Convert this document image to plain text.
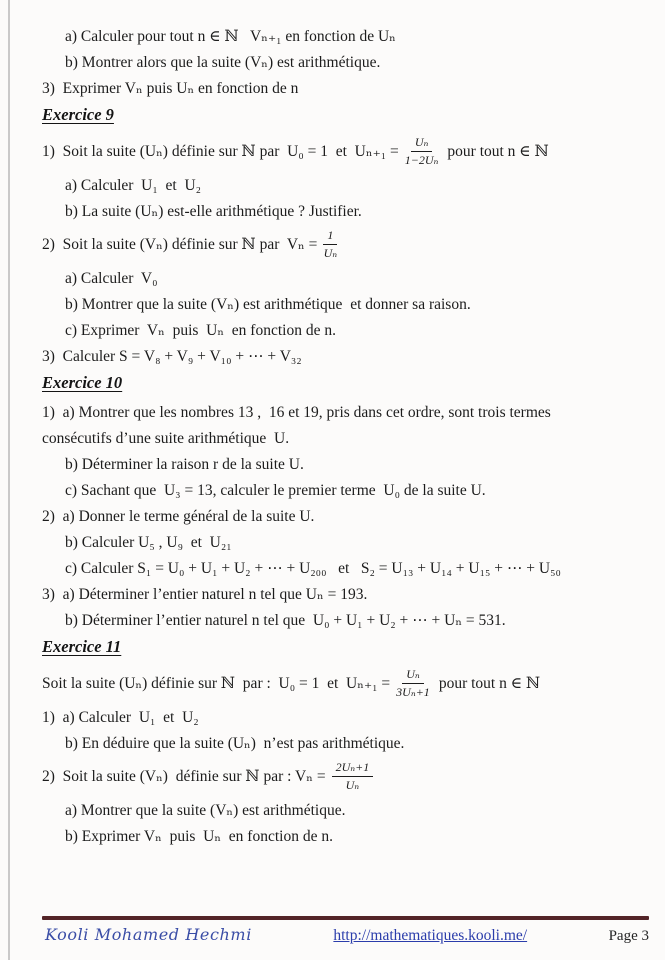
a) Calculer pour tout n ∈ ℕ   Vₙ₊₁ en fonction de Uₙ
b) Montrer alors que la suite (Vₙ) est arithmétique.
3)  Exprimer Vₙ puis Uₙ en fonction de n
Exercice 9
1)  Soit la suite (Uₙ) définie sur ℕ par  U₀ = 1  et  $U_{n+1} = \frac{\text{Uₙ}}{\text{1−2Uₙ}}$ pour tout n ∈ ℕ
a) Calculer  U₁  et  U₂
b) La suite (Uₙ) est-elle arithmétique ? Justifier.
2)  Soit la suite (Vₙ) définie sur ℕ par  $V_n = \frac{1}{\text{Uₙ}}$
a) Calculer  V₀
b) Montrer que la suite (Vₙ) est arithmétique  et donner sa raison.
c) Exprimer  Vₙ  puis  Uₙ  en fonction de n.
3)  Calculer S = V₈ + V₉ + V₁₀ + ⋯ + V₃₂
Exercice 10
1)  a) Montrer que les nombres 13 ,  16 et 19, pris dans cet ordre, sont trois termes
consécutifs d’une suite arithmétique  U.
b) Déterminer la raison r de la suite U.
c) Sachant que  U₃ = 13, calculer le premier terme  U₀ de la suite U.
2)  a) Donner le terme général de la suite U.
b) Calculer U₅ , U₉  et  U₂₁
c) Calculer S₁ = U₀ + U₁ + U₂ + ⋯ + U₂₀₀   et   S₂ = U₁₃ + U₁₄ + U₁₅ + ⋯ + U₅₀
3)  a) Déterminer l’entier naturel n tel que Uₙ = 193.
b) Déterminer l’entier naturel n tel que  U₀ + U₁ + U₂ + ⋯ + Uₙ = 531.
Exercice 11
Soit la suite (Uₙ) définie sur ℕ  par :  U₀ = 1  et  $U_{n+1} = \frac{\text{Uₙ}}{\text{3Uₙ+1}}$ pour tout n ∈ ℕ
1)  a) Calculer  U₁  et  U₂
b) En déduire que la suite (Uₙ)  n’est pas arithmétique.
2)  Soit la suite (Vₙ)  définie sur ℕ par : $V_n = \frac{\text{2Uₙ+1}}{\text{Uₙ}}$
a) Montrer que la suite (Vₙ) est arithmétique.
b) Exprimer Vₙ  puis  Uₙ  en fonction de n.
Kooli Mohamed Hechmi	http://mathematiques.kooli.me/	Page 3
